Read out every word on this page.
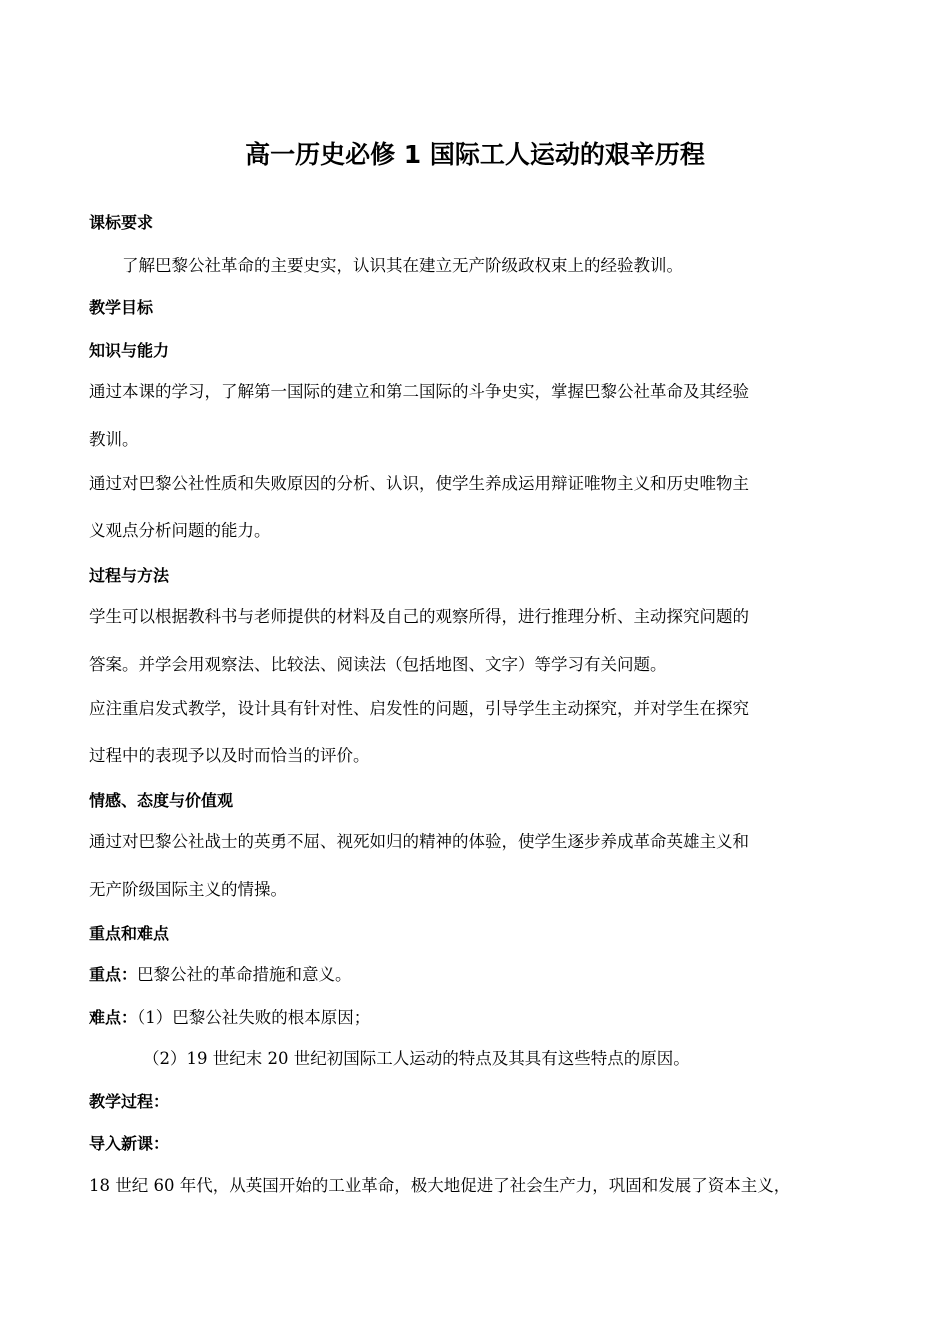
高一历史必修 1 国际工人运动的艰辛历程
课标要求
了解巴黎公社革命的主要史实，认识其在建立无产阶级政权束上的经验教训。
教学目标
知识与能力
通过本课的学习，了解第一国际的建立和第二国际的斗争史实，掌握巴黎公社革命及其经验
教训。
通过对巴黎公社性质和失败原因的分析、认识，使学生养成运用辩证唯物主义和历史唯物主
义观点分析问题的能力。
过程与方法
学生可以根据教科书与老师提供的材料及自己的观察所得，进行推理分析、主动探究问题的
答案。并学会用观察法、比较法、阅读法（包括地图、文字）等学习有关问题。
应注重启发式教学，设计具有针对性、启发性的问题，引导学生主动探究，并对学生在探究
过程中的表现予以及时而恰当的评价。
情感、态度与价值观
通过对巴黎公社战士的英勇不屈、视死如归的精神的体验，使学生逐步养成革命英雄主义和
无产阶级国际主义的情操。
重点和难点
重点：巴黎公社的革命措施和意义。
难点：（1）巴黎公社失败的根本原因；
（2）19 世纪末 20 世纪初国际工人运动的特点及其具有这些特点的原因。
教学过程：
导入新课：
18 世纪 60 年代，从英国开始的工业革命，极大地促进了社会生产力，巩固和发展了资本主义，
